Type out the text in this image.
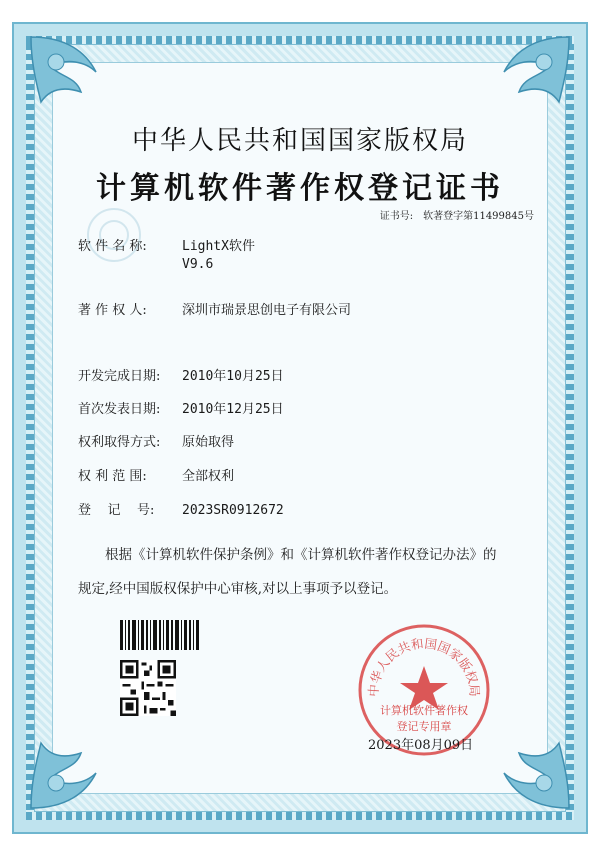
中华人民共和国国家版权局
计算机软件著作权登记证书
证书号: 软著登字第11499845号
软 件 名 称:	LightX软件
V9.6
著 作 权 人:	深圳市瑞景思创电子有限公司
开发完成日期: 2010年10月25日
首次发表日期: 2010年12月25日
权利取得方式: 原始取得
权 利 范 围:	全部权利
登    记    号: 2023SR0912672
根据《计算机软件保护条例》和《计算机软件著作权登记办法》的
规定,经中国版权保护中心审核,对以上事项予以登记。
中华人民共和国国家版权局
计算机软件著作权
登记专用章
2023年08月09日
